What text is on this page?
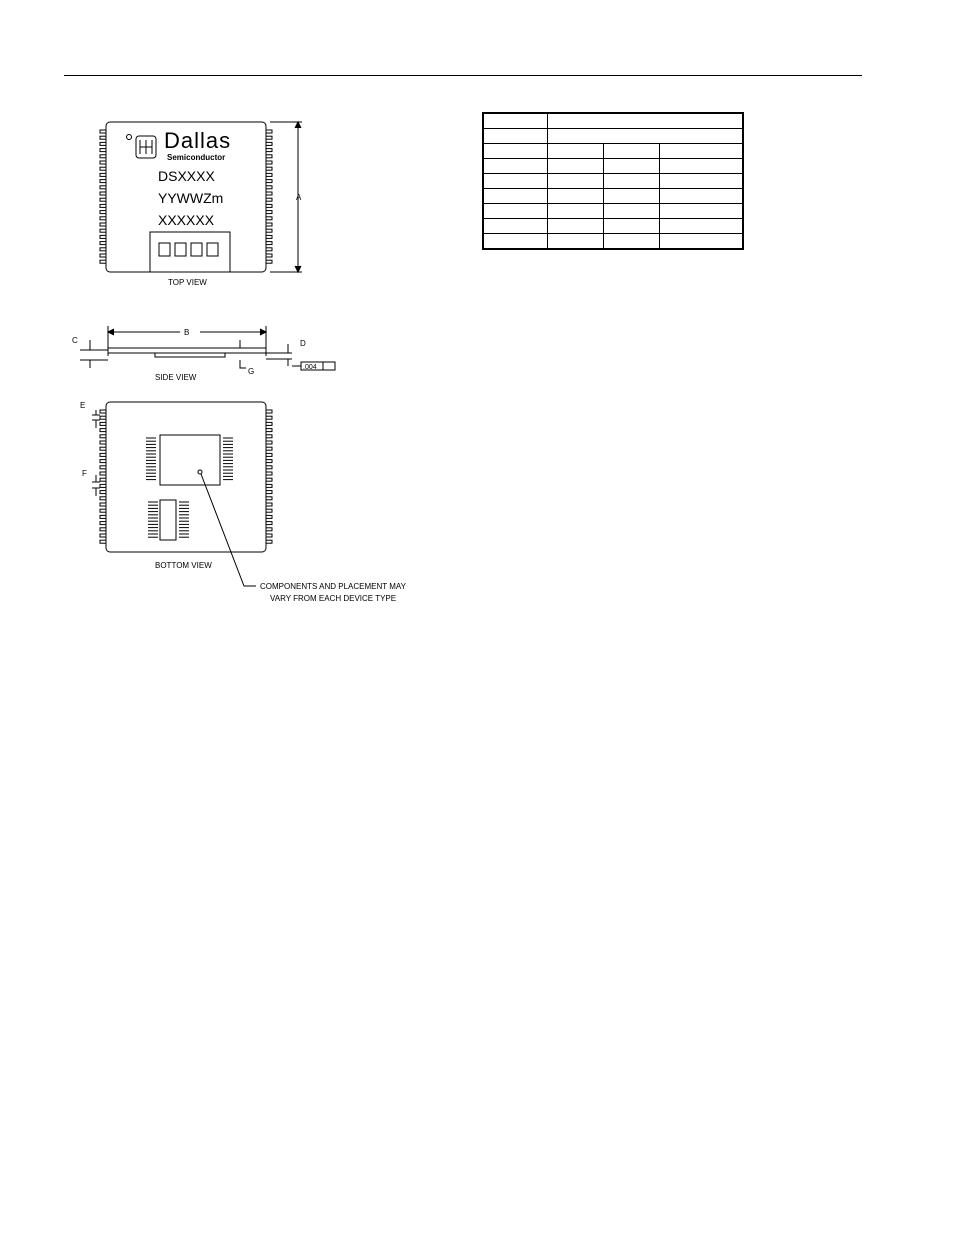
Dallas
Semiconductor
DSXXXX
YYWWZm
XXXXXX
TOP VIEW
A
B
C	D
G	.004
SIDE VIEW
E
F
BOTTOM VIEW
COMPONENTS AND PLACEMENT MAY
VARY FROM EACH DEVICE TYPE
